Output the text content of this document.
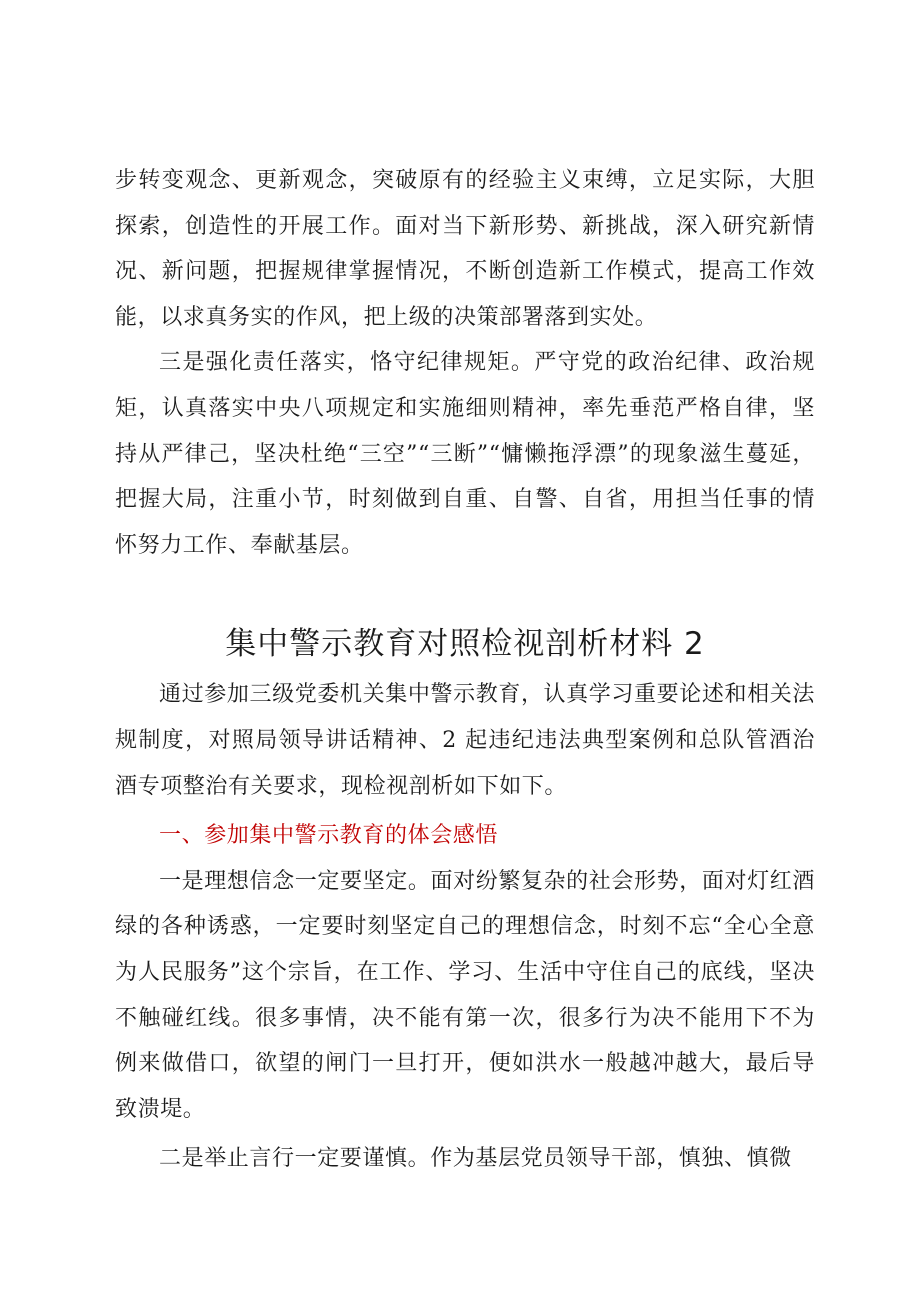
步转变观念、更新观念，突破原有的经验主义束缚，立足实际，大胆探索，创造性的开展工作。面对当下新形势、新挑战，深入研究新情况、新问题，把握规律掌握情况，不断创造新工作模式，提高工作效能，以求真务实的作风，把上级的决策部署落到实处。

三是强化责任落实，恪守纪律规矩。严守党的政治纪律、政治规矩，认真落实中央八项规定和实施细则精神，率先垂范严格自律，坚持从严律己，坚决杜绝“三空”“三断”“慵懒拖浮漂”的现象滋生蔓延，把握大局，注重小节，时刻做到自重、自警、自省，用担当任事的情怀努力工作、奉献基层。

集中警示教育对照检视剖析材料 2

通过参加三级党委机关集中警示教育，认真学习重要论述和相关法规制度，对照局领导讲话精神、2 起违纪违法典型案例和总队管酒治酒专项整治有关要求，现检视剖析如下如下。

一、参加集中警示教育的体会感悟

一是理想信念一定要坚定。面对纷繁复杂的社会形势，面对灯红酒绿的各种诱惑，一定要时刻坚定自己的理想信念，时刻不忘“全心全意为人民服务”这个宗旨，在工作、学习、生活中守住自己的底线，坚决不触碰红线。很多事情，决不能有第一次，很多行为决不能用下不为例来做借口，欲望的闸门一旦打开，便如洪水一般越冲越大，最后导致溃堤。

二是举止言行一定要谨慎。作为基层党员领导干部，慎独、慎微
